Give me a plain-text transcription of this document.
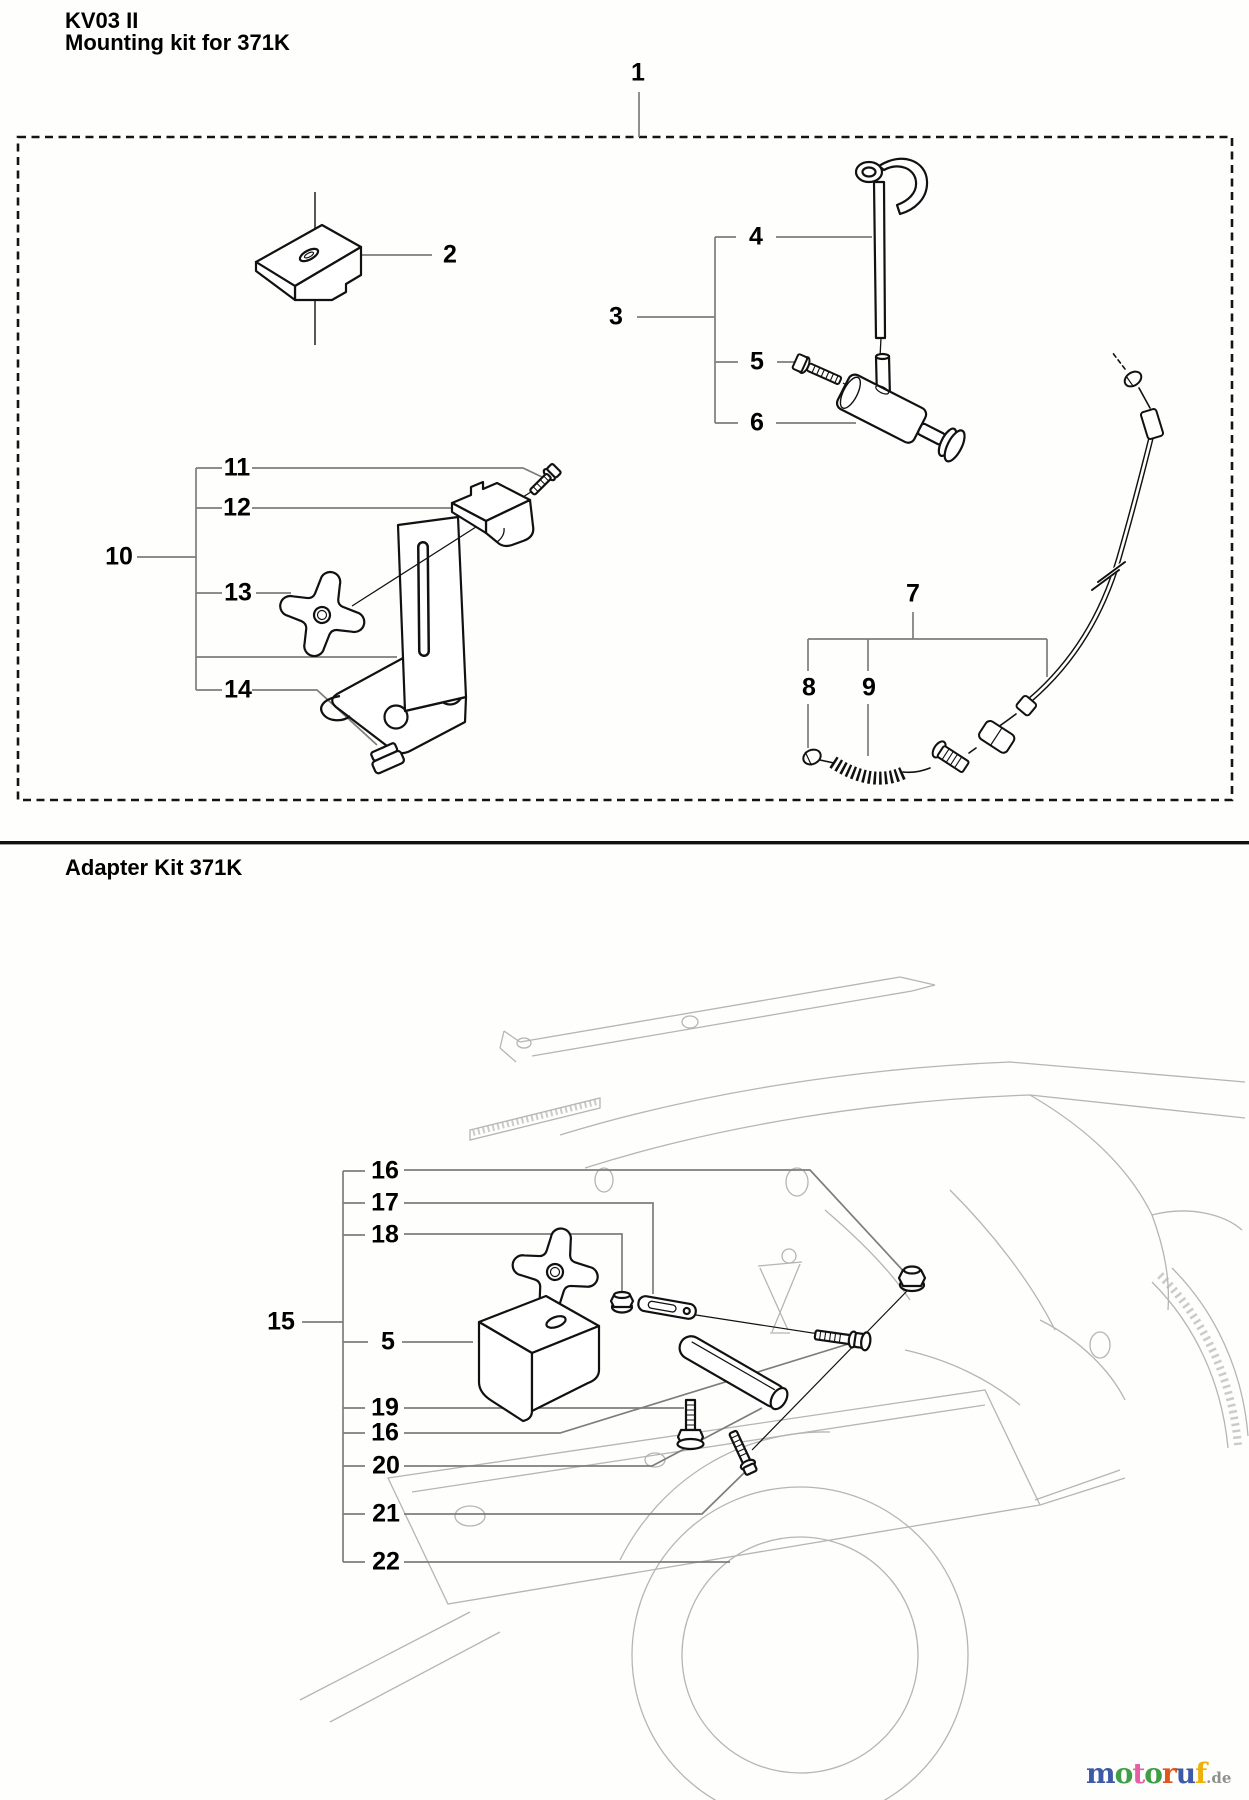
KV03 II
Mounting kit for 371K
Adapter Kit 371K
1
2
3
4
5
6
7
8 9
10
11
12
13
14
15
16
17
18
5
19
16
20
21
22
motoruf.de
